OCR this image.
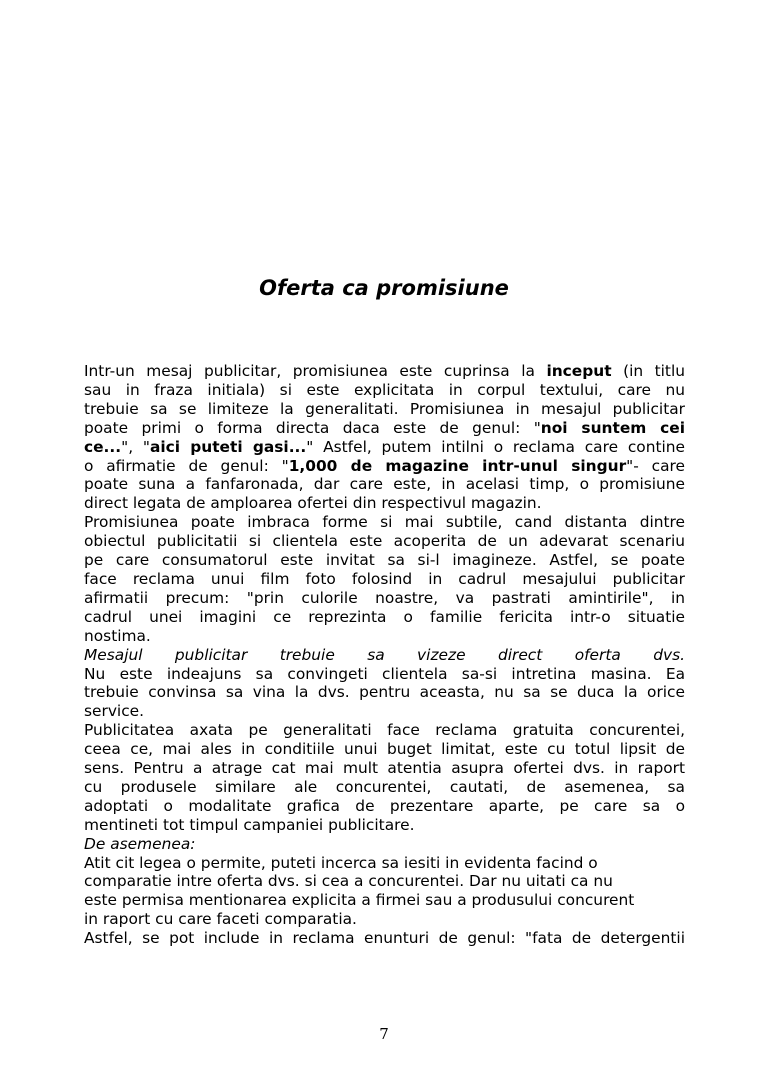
Oferta ca promisiune
Intr-un mesaj publicitar, promisiunea este cuprinsa la inceput (in titlu
sau in fraza initiala) si este explicitata in corpul textului, care nu
trebuie sa se limiteze la generalitati. Promisiunea in mesajul publicitar
poate primi o forma directa daca este de genul: "noi suntem cei
ce...", "aici puteti gasi..." Astfel, putem intilni o reclama care contine
o afirmatie de genul: "1,000 de magazine intr-unul singur"- care
poate suna a fanfaronada, dar care este, in acelasi timp, o promisiune
direct legata de amploarea ofertei din respectivul magazin.
Promisiunea poate imbraca forme si mai subtile, cand distanta dintre
obiectul publicitatii si clientela este acoperita de un adevarat scenariu
pe care consumatorul este invitat sa si-l imagineze. Astfel, se poate
face reclama unui film foto folosind in cadrul mesajului publicitar
afirmatii precum: "prin culorile noastre, va pastrati amintirile", in
cadrul unei imagini ce reprezinta o familie fericita intr-o situatie
nostima.
Mesajul publicitar trebuie sa vizeze direct oferta dvs.
Nu este indeajuns sa convingeti clientela sa-si intretina masina. Ea
trebuie convinsa sa vina la dvs. pentru aceasta, nu sa se duca la orice
service.
Publicitatea axata pe generalitati face reclama gratuita concurentei,
ceea ce, mai ales in conditiile unui buget limitat, este cu totul lipsit de
sens. Pentru a atrage cat mai mult atentia asupra ofertei dvs. in raport
cu produsele similare ale concurentei, cautati, de asemenea, sa
adoptati o modalitate grafica de prezentare aparte, pe care sa o
mentineti tot timpul campaniei publicitare.
De asemenea:
Atit cit legea o permite, puteti incerca sa iesiti in evidenta facind o
comparatie intre oferta dvs. si cea a concurentei. Dar nu uitati ca nu
este permisa mentionarea explicita a firmei sau a produsului concurent
in raport cu care faceti comparatia.
Astfel, se pot include in reclama enunturi de genul: "fata de detergentii
7
